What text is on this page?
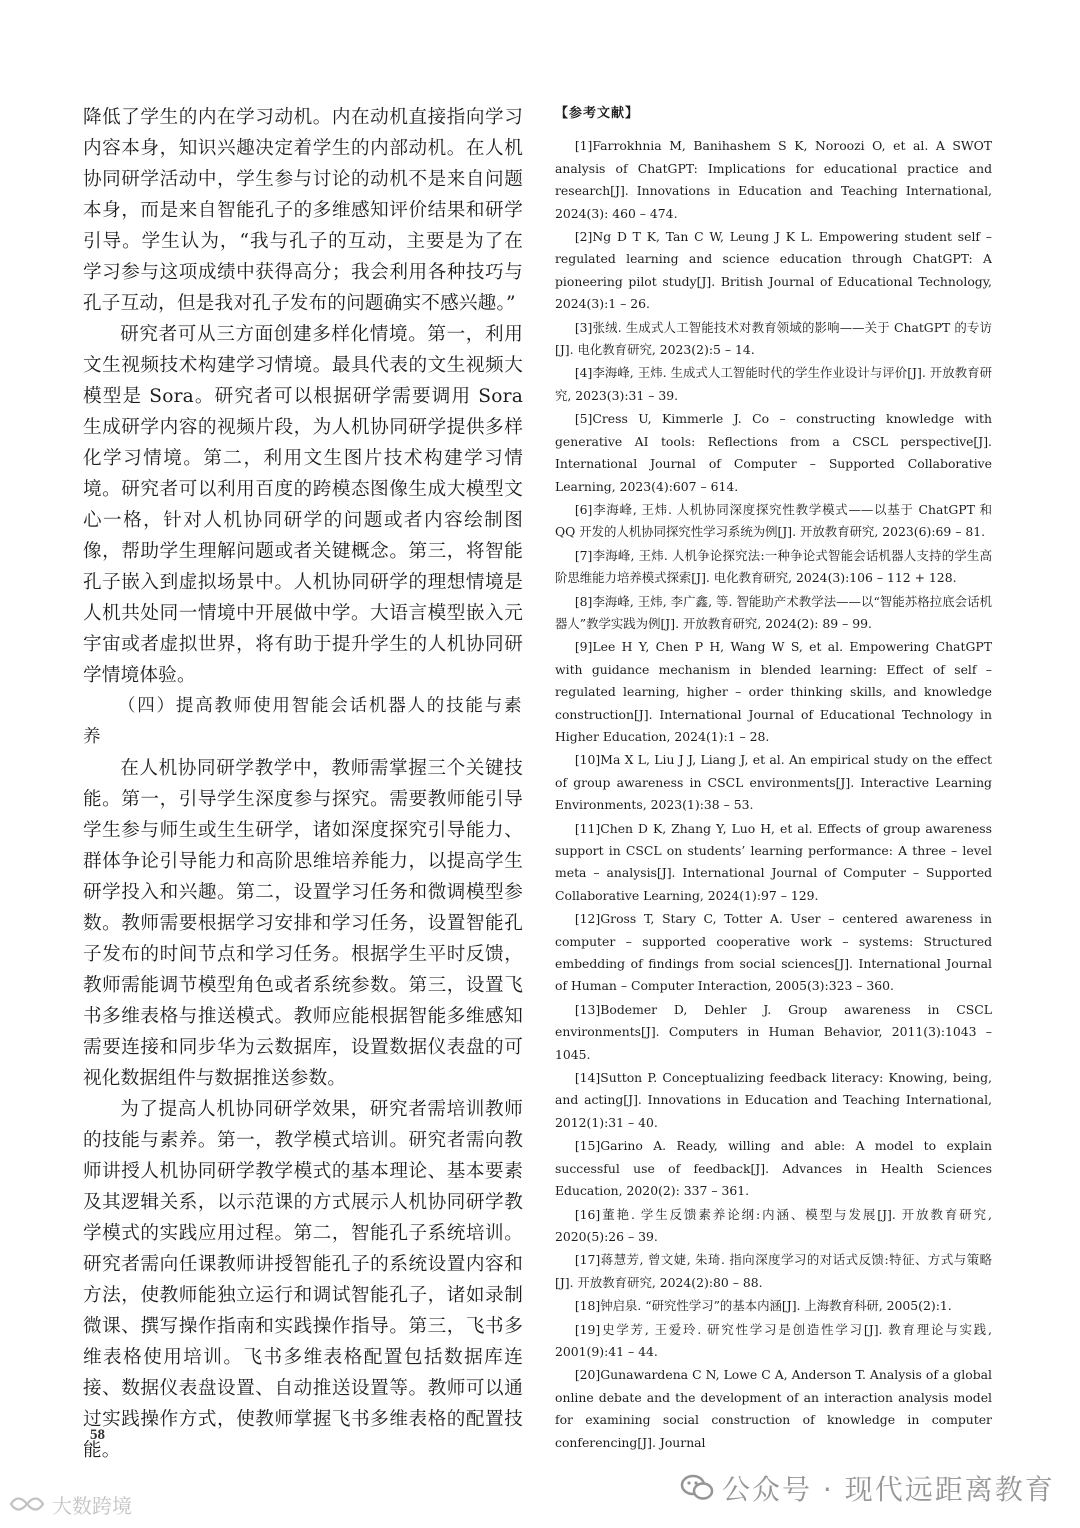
降低了学生的内在学习动机。内在动机直接指向学习内容本身，知识兴趣决定着学生的内部动机。在人机协同研学活动中，学生参与讨论的动机不是来自问题本身，而是来自智能孔子的多维感知评价结果和研学引导。学生认为，“我与孔子的互动，主要是为了在学习参与这项成绩中获得高分；我会利用各种技巧与孔子互动，但是我对孔子发布的问题确实不感兴趣。”

研究者可从三方面创建多样化情境。第一，利用文生视频技术构建学习情境。最具代表的文生视频大模型是 Sora。研究者可以根据研学需要调用 Sora 生成研学内容的视频片段，为人机协同研学提供多样化学习情境。第二，利用文生图片技术构建学习情境。研究者可以利用百度的跨模态图像生成大模型文心一格，针对人机协同研学的问题或者内容绘制图像，帮助学生理解问题或者关键概念。第三，将智能孔子嵌入到虚拟场景中。人机协同研学的理想情境是人机共处同一情境中开展做中学。大语言模型嵌入元宇宙或者虚拟世界，将有助于提升学生的人机协同研学情境体验。

（四）提高教师使用智能会话机器人的技能与素养

在人机协同研学教学中，教师需掌握三个关键技能。第一，引导学生深度参与探究。需要教师能引导学生参与师生或生生研学，诸如深度探究引导能力、群体争论引导能力和高阶思维培养能力，以提高学生研学投入和兴趣。第二，设置学习任务和微调模型参数。教师需要根据学习安排和学习任务，设置智能孔子发布的时间节点和学习任务。根据学生平时反馈，教师需能调节模型角色或者系统参数。第三，设置飞书多维表格与推送模式。教师应能根据智能多维感知需要连接和同步华为云数据库，设置数据仪表盘的可视化数据组件与数据推送参数。

为了提高人机协同研学效果，研究者需培训教师的技能与素养。第一，教学模式培训。研究者需向教师讲授人机协同研学教学模式的基本理论、基本要素及其逻辑关系，以示范课的方式展示人机协同研学教学模式的实践应用过程。第二，智能孔子系统培训。研究者需向任课教师讲授智能孔子的系统设置内容和方法，使教师能独立运行和调试智能孔子，诸如录制微课、撰写操作指南和实践操作指导。第三，飞书多维表格使用培训。飞书多维表格配置包括数据库连接、数据仪表盘设置、自动推送设置等。教师可以通过实践操作方式，使教师掌握飞书多维表格的配置技能。

【参考文献】
[1]Farrokhnia M, Banihashem S K, Noroozi O, et al. A SWOT analysis of ChatGPT: Implications for educational practice and research[J]. Innovations in Education and Teaching International, 2024(3): 460 – 474.
[2]Ng D T K, Tan C W, Leung J K L. Empowering student self – regulated learning and science education through ChatGPT: A pioneering pilot study[J]. British Journal of Educational Technology, 2024(3):1 – 26.
[3]张绒. 生成式人工智能技术对教育领域的影响——关于 ChatGPT 的专访[J]. 电化教育研究, 2023(2):5 – 14.
[4]李海峰, 王炜. 生成式人工智能时代的学生作业设计与评价[J]. 开放教育研究, 2023(3):31 – 39.
[5]Cress U, Kimmerle J. Co – constructing knowledge with generative AI tools: Reflections from a CSCL perspective[J]. International Journal of Computer – Supported Collaborative Learning, 2023(4):607 – 614.
[6]李海峰, 王炜. 人机协同深度探究性教学模式——以基于 ChatGPT 和 QQ 开发的人机协同探究性学习系统为例[J]. 开放教育研究, 2023(6):69 – 81.
[7]李海峰, 王炜. 人机争论探究法:一种争论式智能会话机器人支持的学生高阶思维能力培养模式探索[J]. 电化教育研究, 2024(3):106 – 112 + 128.
[8]李海峰, 王炜, 李广鑫, 等. 智能助产术教学法——以“智能苏格拉底会话机器人”教学实践为例[J]. 开放教育研究, 2024(2): 89 – 99.
[9]Lee H Y, Chen P H, Wang W S, et al. Empowering ChatGPT with guidance mechanism in blended learning: Effect of self – regulated learning, higher – order thinking skills, and knowledge construction[J]. International Journal of Educational Technology in Higher Education, 2024(1):1 – 28.
[10]Ma X L, Liu J J, Liang J, et al. An empirical study on the effect of group awareness in CSCL environments[J]. Interactive Learning Environments, 2023(1):38 – 53.
[11]Chen D K, Zhang Y, Luo H, et al. Effects of group awareness support in CSCL on students’ learning performance: A three – level meta – analysis[J]. International Journal of Computer – Supported Collaborative Learning, 2024(1):97 – 129.
[12]Gross T, Stary C, Totter A. User – centered awareness in computer – supported cooperative work – systems: Structured embedding of findings from social sciences[J]. International Journal of Human – Computer Interaction, 2005(3):323 – 360.
[13]Bodemer D, Dehler J. Group awareness in CSCL environments[J]. Computers in Human Behavior, 2011(3):1043 – 1045.
[14]Sutton P. Conceptualizing feedback literacy: Knowing, being, and acting[J]. Innovations in Education and Teaching International, 2012(1):31 – 40.
[15]Garino A. Ready, willing and able: A model to explain successful use of feedback[J]. Advances in Health Sciences Education, 2020(2): 337 – 361.
[16]董艳. 学生反馈素养论纲:内涵、模型与发展[J]. 开放教育研究, 2020(5):26 – 39.
[17]蒋慧芳, 曾文婕, 朱琦. 指向深度学习的对话式反馈:特征、方式与策略[J]. 开放教育研究, 2024(2):80 – 88.
[18]钟启泉. “研究性学习”的基本内涵[J]. 上海教育科研, 2005(2):1.
[19]史学芳, 王爱玲. 研究性学习是创造性学习[J]. 教育理论与实践, 2001(9):41 – 44.
[20]Gunawardena C N, Lowe C A, Anderson T. Analysis of a global online debate and the development of an interaction analysis model for examining social construction of knowledge in computer conferencing[J]. Journal
58
公众号 · 现代远距离教育
大数跨境
